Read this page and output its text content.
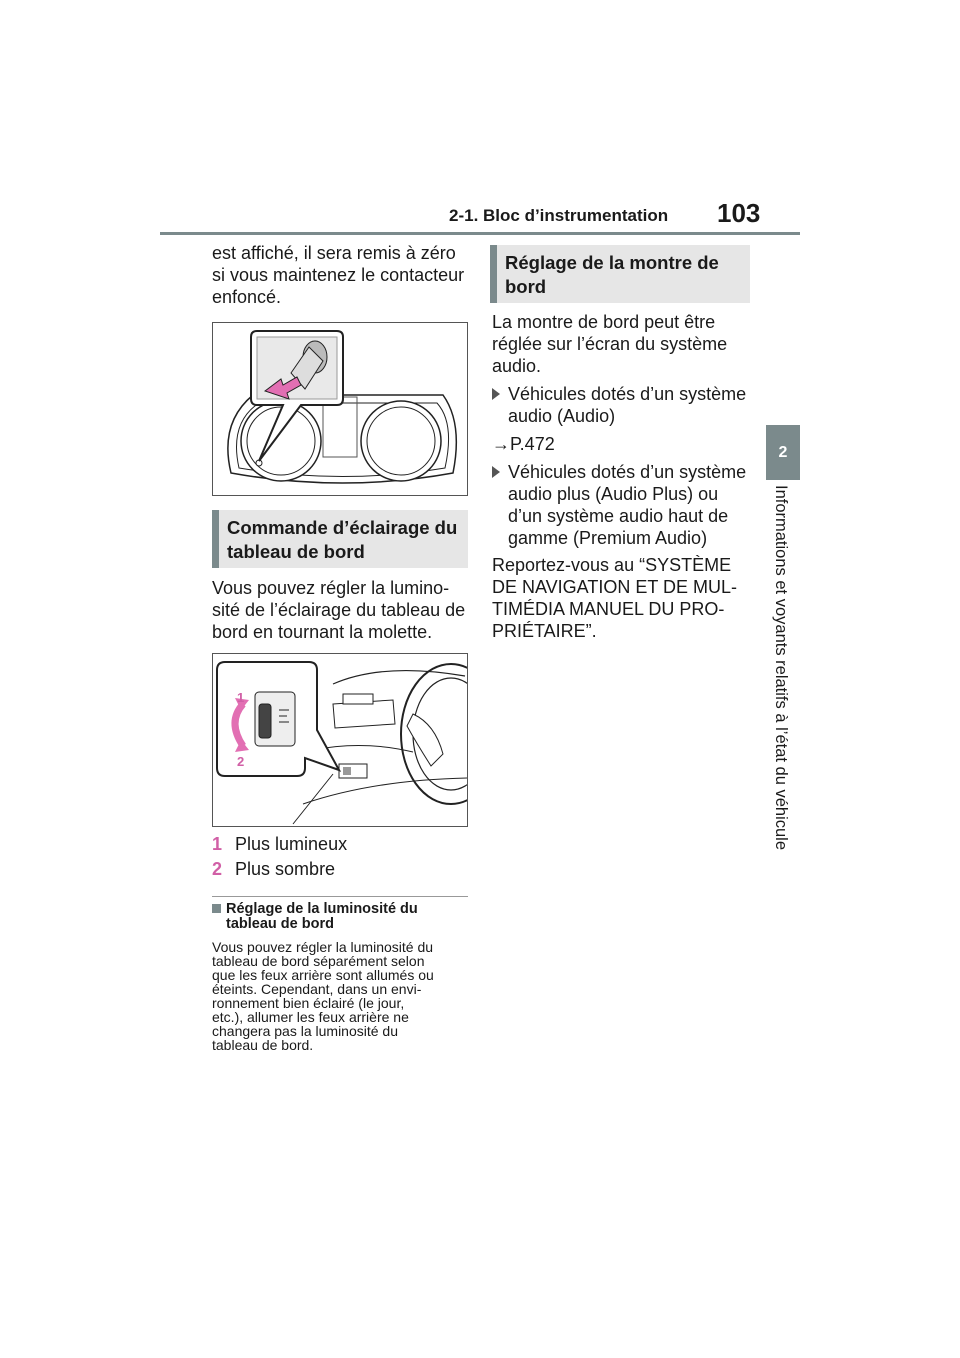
2-1. Bloc d’instrumentation 103
2
Informations et voyants relatifs à l’état du véhicule
est affiché, il sera remis à zéro
si vous maintenez le contacteur
enfoncé.
Commande d’éclairage du
tableau de bord
Vous pouvez régler la lumino-
sité de l’éclairage du tableau de
bord en tournant la molette.
1
2
1 Plus lumineux
2 Plus sombre
Réglage de la luminosité du
tableau de bord
Vous pouvez régler la luminosité du
tableau de bord séparément selon
que les feux arrière sont allumés ou
éteints. Cependant, dans un envi-
ronnement bien éclairé (le jour,
etc.), allumer les feux arrière ne
changera pas la luminosité du
tableau de bord.
Réglage de la montre de
bord
La montre de bord peut être
réglée sur l’écran du système
audio.
Véhicules dotés d’un système
audio (Audio)
→P.472
Véhicules dotés d’un système
audio plus (Audio Plus) ou
d’un système audio haut de
gamme (Premium Audio)
Reportez-vous au “SYSTÈME
DE NAVIGATION ET DE MUL-
TIMÉDIA MANUEL DU PRO-
PRIÉTAIRE”.
